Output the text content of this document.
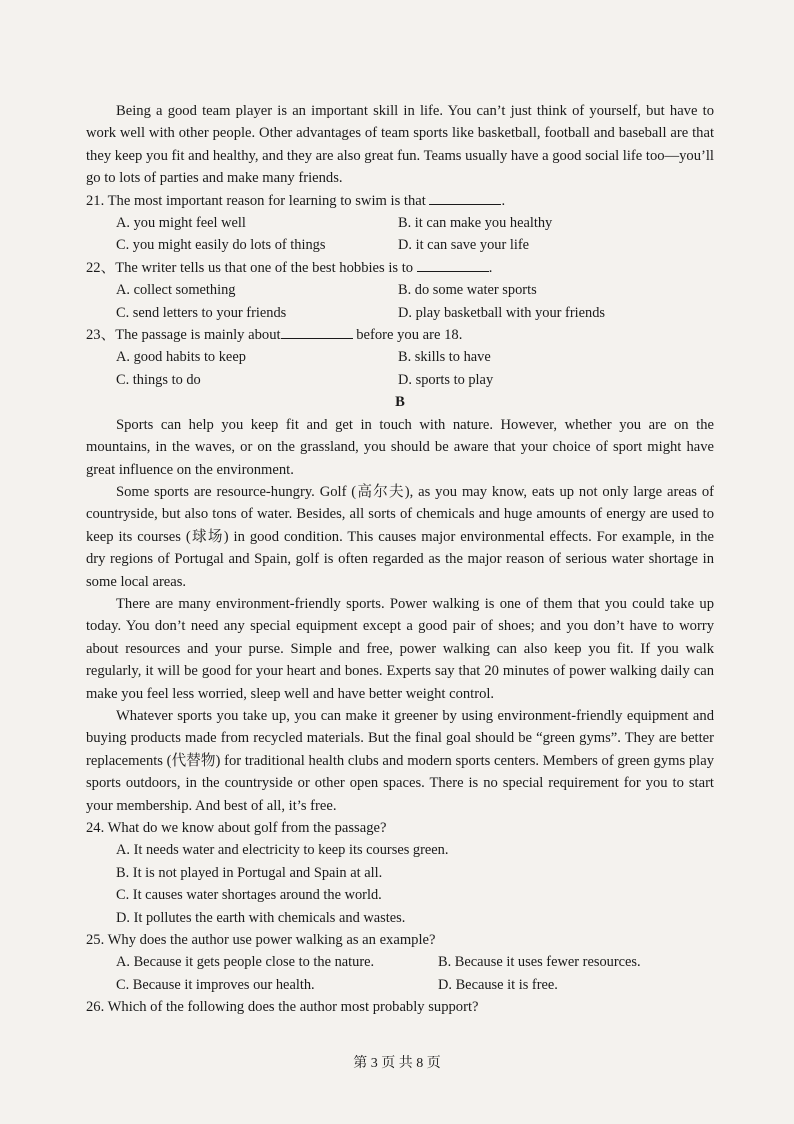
Being a good team player is an important skill in life. You can’t just think of yourself, but have to work well with other people. Other advantages of team sports like basketball, football and baseball are that they keep you fit and healthy, and they are also great fun. Teams usually have a good social life too—you’ll go to lots of parties and make many friends.

21. The most important reason for learning to swim is that	.

A. you might feel well	B. it can make you healthy
C. you might easily do lots of things	D. it can save your life

22、The writer tells us that one of the best hobbies is to	.

A. collect something	B. do some water sports
C. send letters to your friends	D. play basketball with your friends

23、The passage is mainly about	before you are 18.

A. good habits to keep	B. skills to have
C. things to do	D. sports to play

B

Sports can help you keep fit and get in touch with nature. However, whether you are on the mountains, in the waves, or on the grassland, you should be aware that your choice of sport might have great influence on the environment.

Some sports are resource-hungry. Golf (高尔夫), as you may know, eats up not only large areas of countryside, but also tons of water. Besides, all sorts of chemicals and huge amounts of energy are used to keep its courses (球场) in good condition. This causes major environmental effects. For example, in the dry regions of Portugal and Spain, golf is often regarded as the major reason of serious water shortage in some local areas.

There are many environment-friendly sports. Power walking is one of them that you could take up today. You don’t need any special equipment except a good pair of shoes; and you don’t have to worry about resources and your purse. Simple and free, power walking can also keep you fit. If you walk regularly, it will be good for your heart and bones. Experts say that 20 minutes of power walking daily can make you feel less worried, sleep well and have better weight control.

Whatever sports you take up, you can make it greener by using environment-friendly equipment and buying products made from recycled materials. But the final goal should be “green gyms”. They are better replacements (代替物) for traditional health clubs and modern sports centers. Members of green gyms play sports outdoors, in the countryside or other open spaces. There is no special requirement for you to start your membership. And best of all, it’s free.

24. What do we know about golf from the passage?

A. It needs water and electricity to keep its courses green.
B. It is not played in Portugal and Spain at all.
C. It causes water shortages around the world.
D. It pollutes the earth with chemicals and wastes.

25. Why does the author use power walking as an example?

A. Because it gets people close to the nature.	B. Because it uses fewer resources.
C. Because it improves our health.	D. Because it is free.

26. Which of the following does the author most probably support?

第 3 页 共 8 页
